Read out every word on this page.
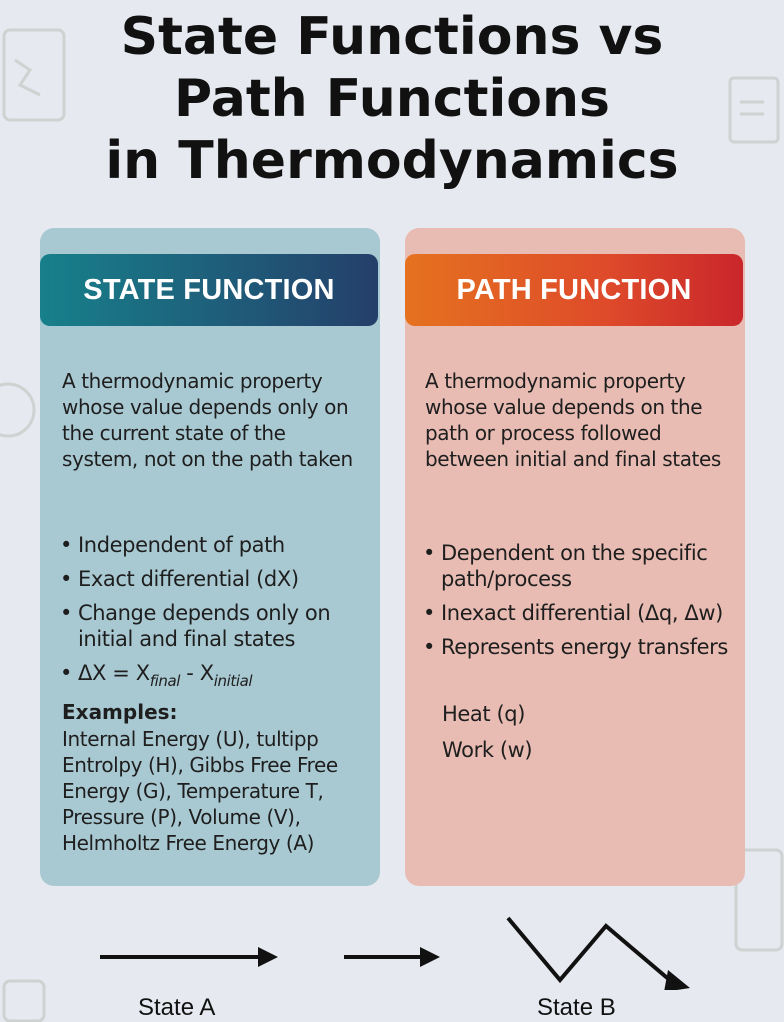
State Functions vs
Path Functions
in Thermodynamics
STATE FUNCTION
A thermodynamic property whose value depends only on the current state of the system, not on the path taken
• Independent of path
• Exact differential (dX)
• Change depends only on initial and final states
• $\Delta X = X_{final} - X_{initial}$
Examples:
Internal Energy (U), tultipp Entrolpy (H), Gibbs Free Free Energy (G), Temperature T, Pressure (P), Volume (V), Helmholtz Free Energy (A)
PATH FUNCTION
A thermodynamic property whose value depends on the path or process followed between initial and final states
• Dependent on the specific path/process
• Inexact differential (Δq, Δw)
• Represents energy transfers
Heat (q)
Work (w)
State A	State B
